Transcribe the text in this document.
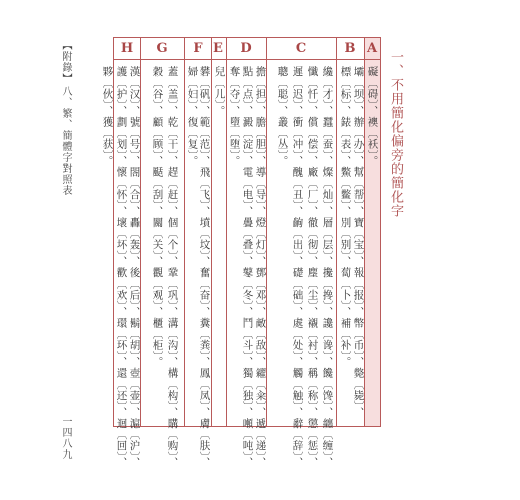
【附錄】
八、繁、簡體字對照表
一四八九
H	G	F E	D	C	B A
一、不用簡化偏旁的簡化字
礙〔碍〕、襖〔袄〕。
壩〔坝〕、辦〔办〕、幫〔帮〕、寶〔宝〕、報〔报〕、幣〔币〕、斃〔毙〕、
標〔标〕、錶〔表〕、鱉〔鳖〕、別〔别〕、蔔〔卜〕、補〔补〕。
纔〔才〕、蠶〔蚕〕、燦〔灿〕、層〔层〕、攙〔搀〕、讒〔谗〕、饞〔馋〕、纏〔缠〕、
懺〔忏〕、償〔偿〕、廠〔厂〕、徹〔彻〕、塵〔尘〕、襯〔衬〕、稱〔称〕、懲〔惩〕、
遲〔迟〕、衝〔冲〕、醜〔丑〕、齣〔出〕、礎〔础〕、處〔处〕、觸〔触〕、辭〔辞〕、
聰〔聪〕、叢〔丛〕。
擔〔担〕、膽〔胆〕、導〔导〕、燈〔灯〕、鄧〔邓〕、敵〔敌〕、糴〔籴〕、遞〔递〕、
點〔点〕、澱〔淀〕、電〔电〕、疊〔叠〕、鼕〔冬〕、鬥〔斗〕、獨〔独〕、噸〔吨〕、
奪〔夺〕、墮〔堕〕。
兒〔儿〕。
礬〔矾〕、範〔范〕、飛〔飞〕、墳〔坟〕、奮〔奋〕、糞〔粪〕、鳳〔凤〕、膚〔肤〕、
婦〔妇〕、復〔复〕。
蓋〔盖〕、乾〔干〕、趕〔赶〕、個〔个〕、鞏〔巩〕、溝〔沟〕、構〔构〕、購〔购〕、
穀〔谷〕、顧〔顾〕、颳〔刮〕、關〔关〕、觀〔观〕、櫃〔柜〕。
漢〔汉〕、號〔号〕、閤〔合〕、轟〔轰〕、後〔后〕、鬍〔胡〕、壺〔壶〕、滬〔沪〕、
護〔护〕、劃〔划〕、懷〔怀〕、壞〔坏〕、歡〔欢〕、環〔环〕、還〔还〕、迴〔回〕、
夥〔伙〕、獲〔获〕。
